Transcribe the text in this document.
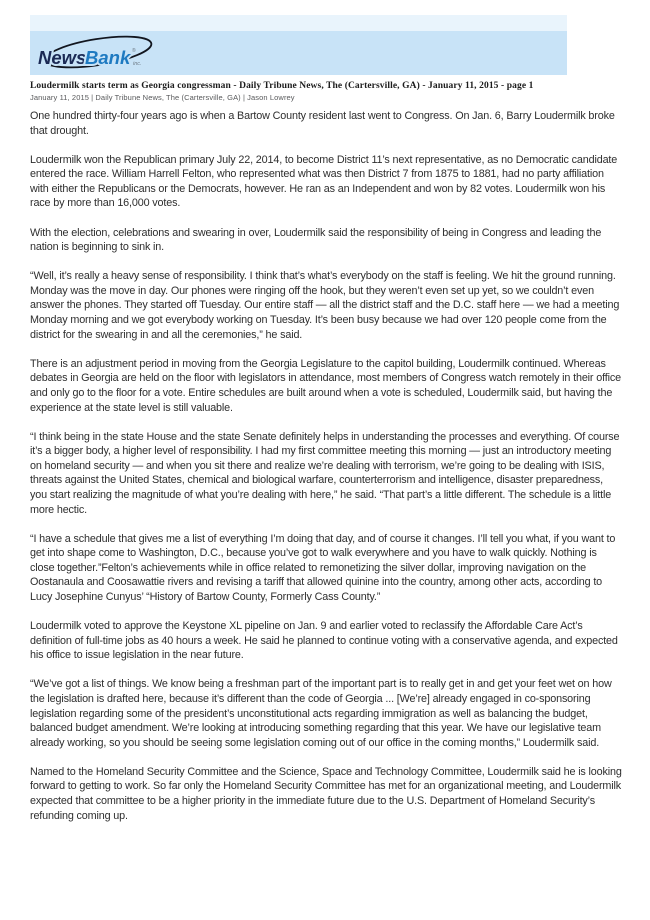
News
Bank ®
inc.
Loudermilk starts term as Georgia congressman - Daily Tribune News, The (Cartersville, GA) - January 11, 2015 - page 1
January 11, 2015 | Daily Tribune News, The (Cartersville, GA) | Jason Lowrey

One hundred thirty-four years ago is when a Bartow County resident last went to Congress. On Jan. 6, Barry Loudermilk broke that drought.

Loudermilk won the Republican primary July 22, 2014, to become District 11’s next representative, as no Democratic candidate entered the race. William Harrell Felton, who represented what was then District 7 from 1875 to 1881, had no party affiliation with either the Republicans or the Democrats, however. He ran as an Independent and won by 82 votes. Loudermilk won his race by more than 16,000 votes.

With the election, celebrations and swearing in over, Loudermilk said the responsibility of being in Congress and leading the nation is beginning to sink in.

“Well, it’s really a heavy sense of responsibility. I think that’s what’s everybody on the staff is feeling. We hit the ground running. Monday was the move in day. Our phones were ringing off the hook, but they weren’t even set up yet, so we couldn’t even answer the phones. They started off Tuesday. Our entire staff — all the district staff and the D.C. staff here — we had a meeting Monday morning and we got everybody working on Tuesday. It’s been busy because we had over 120 people come from the district for the swearing in and all the ceremonies,” he said.

There is an adjustment period in moving from the Georgia Legislature to the capitol building, Loudermilk continued. Whereas debates in Georgia are held on the floor with legislators in attendance, most members of Congress watch remotely in their office and only go to the floor for a vote. Entire schedules are built around when a vote is scheduled, Loudermilk said, but having the experience at the state level is still valuable.

“I think being in the state House and the state Senate definitely helps in understanding the processes and everything. Of course it’s a bigger body, a higher level of responsibility. I had my first committee meeting this morning — just an introductory meeting on homeland security — and when you sit there and realize we’re dealing with terrorism, we’re going to be dealing with ISIS, threats against the United States, chemical and biological warfare, counterterrorism and intelligence, disaster preparedness, you start realizing the magnitude of what you’re dealing with here,” he said. “That part’s a little different. The schedule is a little more hectic.

“I have a schedule that gives me a list of everything I’m doing that day, and of course it changes. I’ll tell you what, if you want to get into shape come to Washington, D.C., because you’ve got to walk everywhere and you have to walk quickly. Nothing is close together.”Felton’s achievements while in office related to remonetizing the silver dollar, improving navigation on the Oostanaula and Coosawattie rivers and revising a tariff that allowed quinine into the country, among other acts, according to Lucy Josephine Cunyus’ “History of Bartow County, Formerly Cass County.”

Loudermilk voted to approve the Keystone XL pipeline on Jan. 9 and earlier voted to reclassify the Affordable Care Act’s definition of full-time jobs as 40 hours a week. He said he planned to continue voting with a conservative agenda, and expected his office to issue legislation in the near future.

“We’ve got a list of things. We know being a freshman part of the important part is to really get in and get your feet wet on how the legislation is drafted here, because it’s different than the code of Georgia ... [We’re] already engaged in co-sponsoring legislation regarding some of the president’s unconstitutional acts regarding immigration as well as balancing the budget, balanced budget amendment. We’re looking at introducing something regarding that this year. We have our legislative team already working, so you should be seeing some legislation coming out of our office in the coming months,” Loudermilk said.

Named to the Homeland Security Committee and the Science, Space and Technology Committee, Loudermilk said he is looking forward to getting to work. So far only the Homeland Security Committee has met for an organizational meeting, and Loudermilk expected that committee to be a higher priority in the immediate future due to the U.S. Department of Homeland Security’s refunding coming up.
